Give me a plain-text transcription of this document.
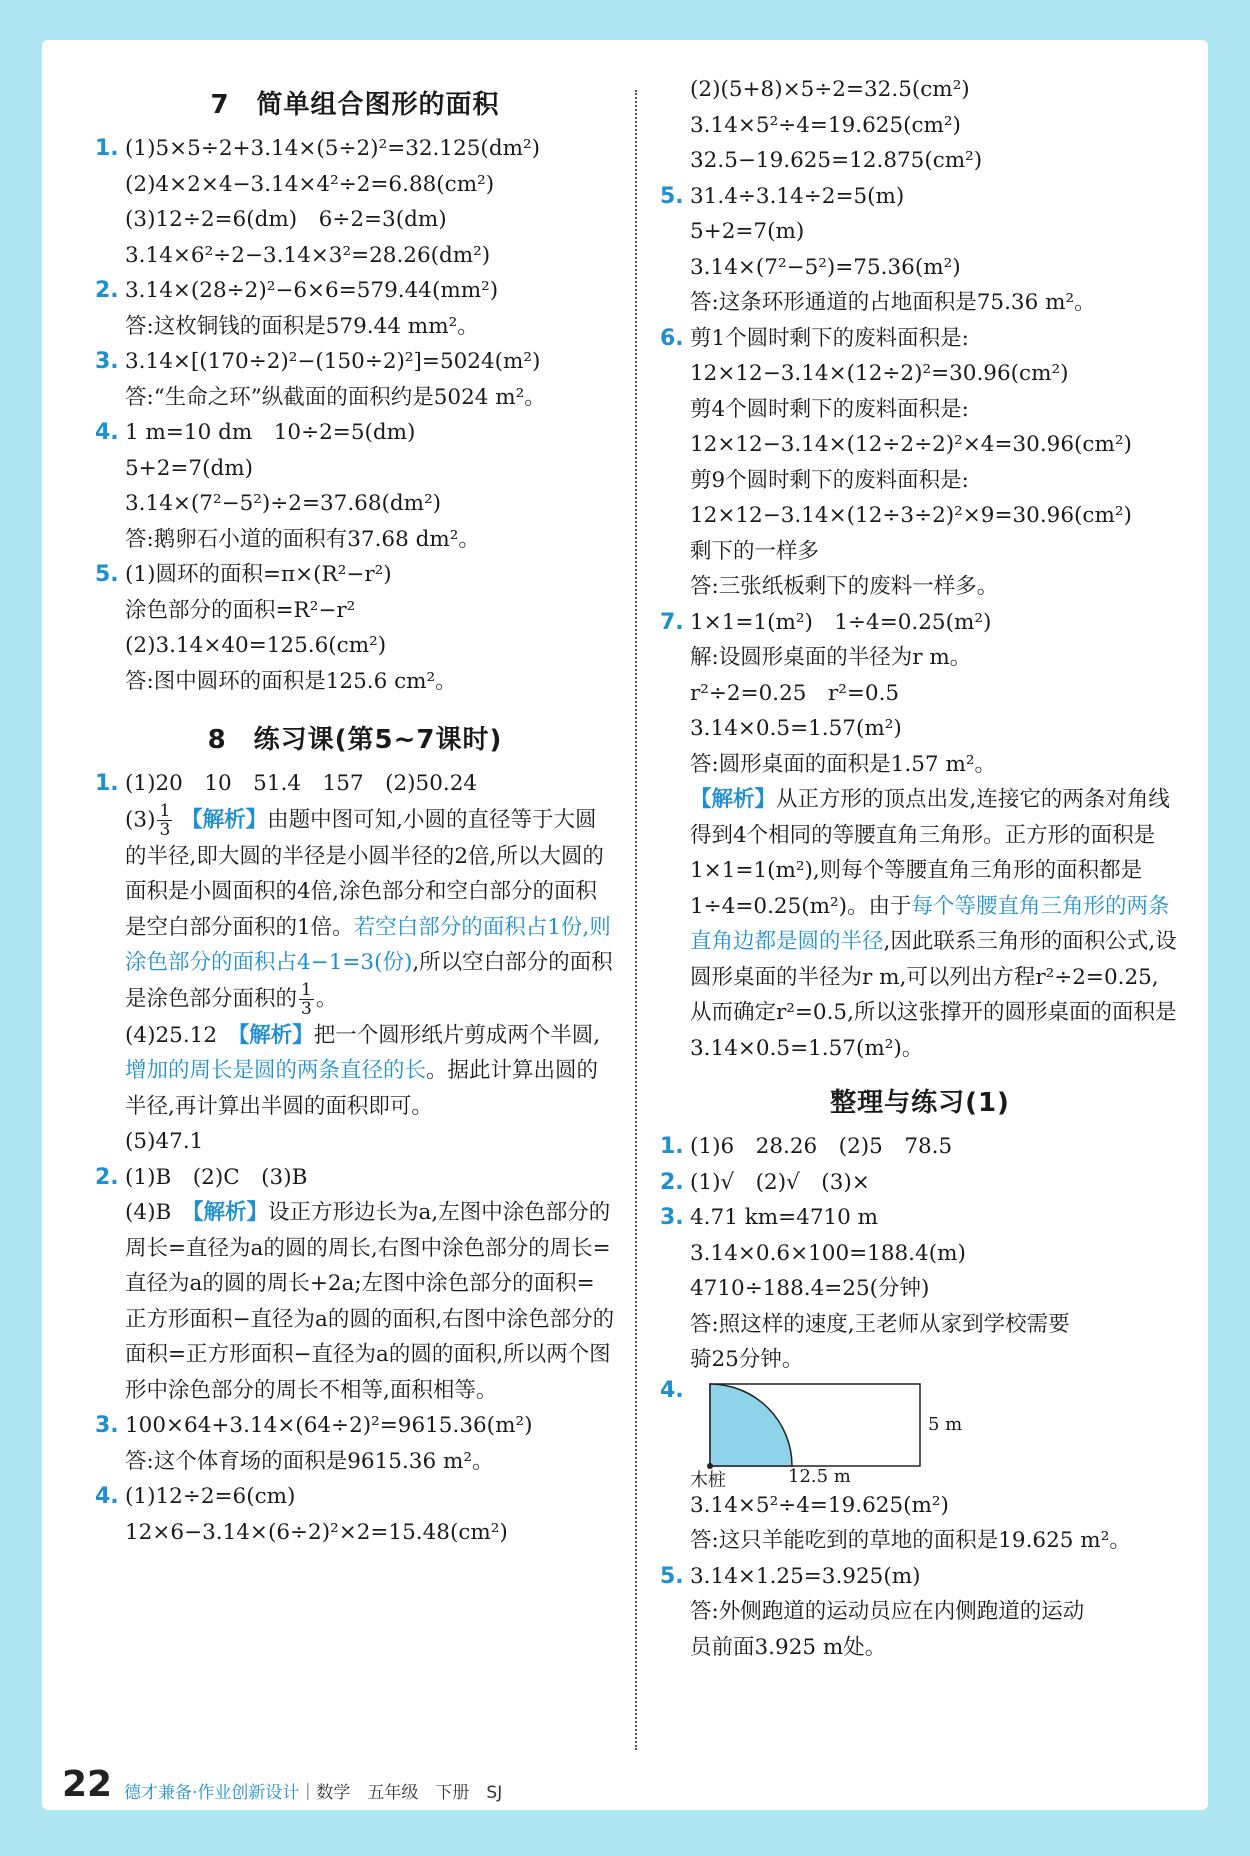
7　简单组合图形的面积
1. (1)5×5÷2+3.14×(5÷2)²=32.125(dm²)
(2)4×2×4−3.14×4²÷2=6.88(cm²)
(3)12÷2=6(dm)　6÷2=3(dm)
3.14×6²÷2−3.14×3²=28.26(dm²)
2. 3.14×(28÷2)²−6×6=579.44(mm²)
答:这枚铜钱的面积是579.44 mm²。
3. 3.14×[(170÷2)²−(150÷2)²]=5024(m²)
答:“生命之环”纵截面的面积约是5024 m²。
4. 1 m=10 dm　10÷2=5(dm)
5+2=7(dm)
3.14×(7²−5²)÷2=37.68(dm²)
答:鹅卵石小道的面积有37.68 dm²。
5. (1)圆环的面积=π×(R²−r²)
涂色部分的面积=R²−r²
(2)3.14×40=125.6(cm²)
答:图中圆环的面积是125.6 cm²。
8　练习课(第5~7课时)
1. (1)20　10　51.4　157　(2)50.24
$(3) \frac{1}{3}$ 【解析】由题中图可知,小圆的直径等于大圆的半径,即大圆的半径是小圆半径的2倍,所以大圆的面积是小圆面积的4倍,涂色部分和空白部分的面积是空白部分面积的1倍。若空白部分的面积占1份,则涂色部分的面积占4−1=3(份),所以空白部分的面积是涂色部分面积的 $\frac{1}{3}$ 。
(4)25.12　 【解析】把一个圆形纸片剪成两个半圆,增加的周长是圆的两条直径的长。据此计算出圆的半径,再计算出半圆的面积即可。
(5)47.1
2. (1)B　(2)C　(3)B
(4)B　 【解析】设正方形边长为a,左图中涂色部分的周长=直径为a的圆的周长,右图中涂色部分的周长=直径为a的圆的周长+2a;左图中涂色部分的面积=正方形面积−直径为a的圆的面积,右图中涂色部分的面积=正方形面积−直径为a的圆的面积,所以两个图形中涂色部分的周长不相等,面积相等。
3. 100×64+3.14×(64÷2)²=9615.36(m²)
答:这个体育场的面积是9615.36 m²。
4. (1)12÷2=6(cm)
12×6−3.14×(6÷2)²×2=15.48(cm²)
(2)(5+8)×5÷2=32.5(cm²)
3.14×5²÷4=19.625(cm²)
32.5−19.625=12.875(cm²)
5. 31.4÷3.14÷2=5(m)
5+2=7(m)
3.14×(7²−5²)=75.36(m²)
答:这条环形通道的占地面积是75.36 m²。
6. 剪1个圆时剩下的废料面积是:
12×12−3.14×(12÷2)²=30.96(cm²)
剪4个圆时剩下的废料面积是:
12×12−3.14×(12÷2÷2)²×4=30.96(cm²)
剪9个圆时剩下的废料面积是:
12×12−3.14×(12÷3÷2)²×9=30.96(cm²)
剩下的一样多
答:三张纸板剩下的废料一样多。
7. 1×1=1(m²)　1÷4=0.25(m²)
解:设圆形桌面的半径为r m。
r²÷2=0.25　r²=0.5
3.14×0.5=1.57(m²)
答:圆形桌面的面积是1.57 m²。
【解析】从正方形的顶点出发,连接它的两条对角线得到4个相同的等腰直角三角形。正方形的面积是1×1=1(m²),则每个等腰直角三角形的面积都是1÷4=0.25(m²)。由于每个等腰直角三角形的两条直角边都是圆的半径,因此联系三角形的面积公式,设圆形桌面的半径为r m,可以列出方程r²÷2=0.25,从而确定r²=0.5,所以这张撑开的圆形桌面的面积是3.14×0.5=1.57(m²)。
整理与练习(1)
1. (1)6　28.26　(2)5　78.5
2. (1)√　(2)√　(3)×
3. 4.71 km=4710 m
3.14×0.6×100=188.4(m)
4710÷188.4=25(分钟)
答:照这样的速度,王老师从家到学校需要
骑25分钟。
4.
5 m
12.5 m
木桩
3.14×5²÷4=19.625(m²)
答:这只羊能吃到的草地的面积是19.625 m²。
5. 3.14×1.25=3.925(m)
答:外侧跑道的运动员应在内侧跑道的运动
员前面3.925 m处。
22 德才兼备·作业创新设计｜数学　五年级　下册　SJ
